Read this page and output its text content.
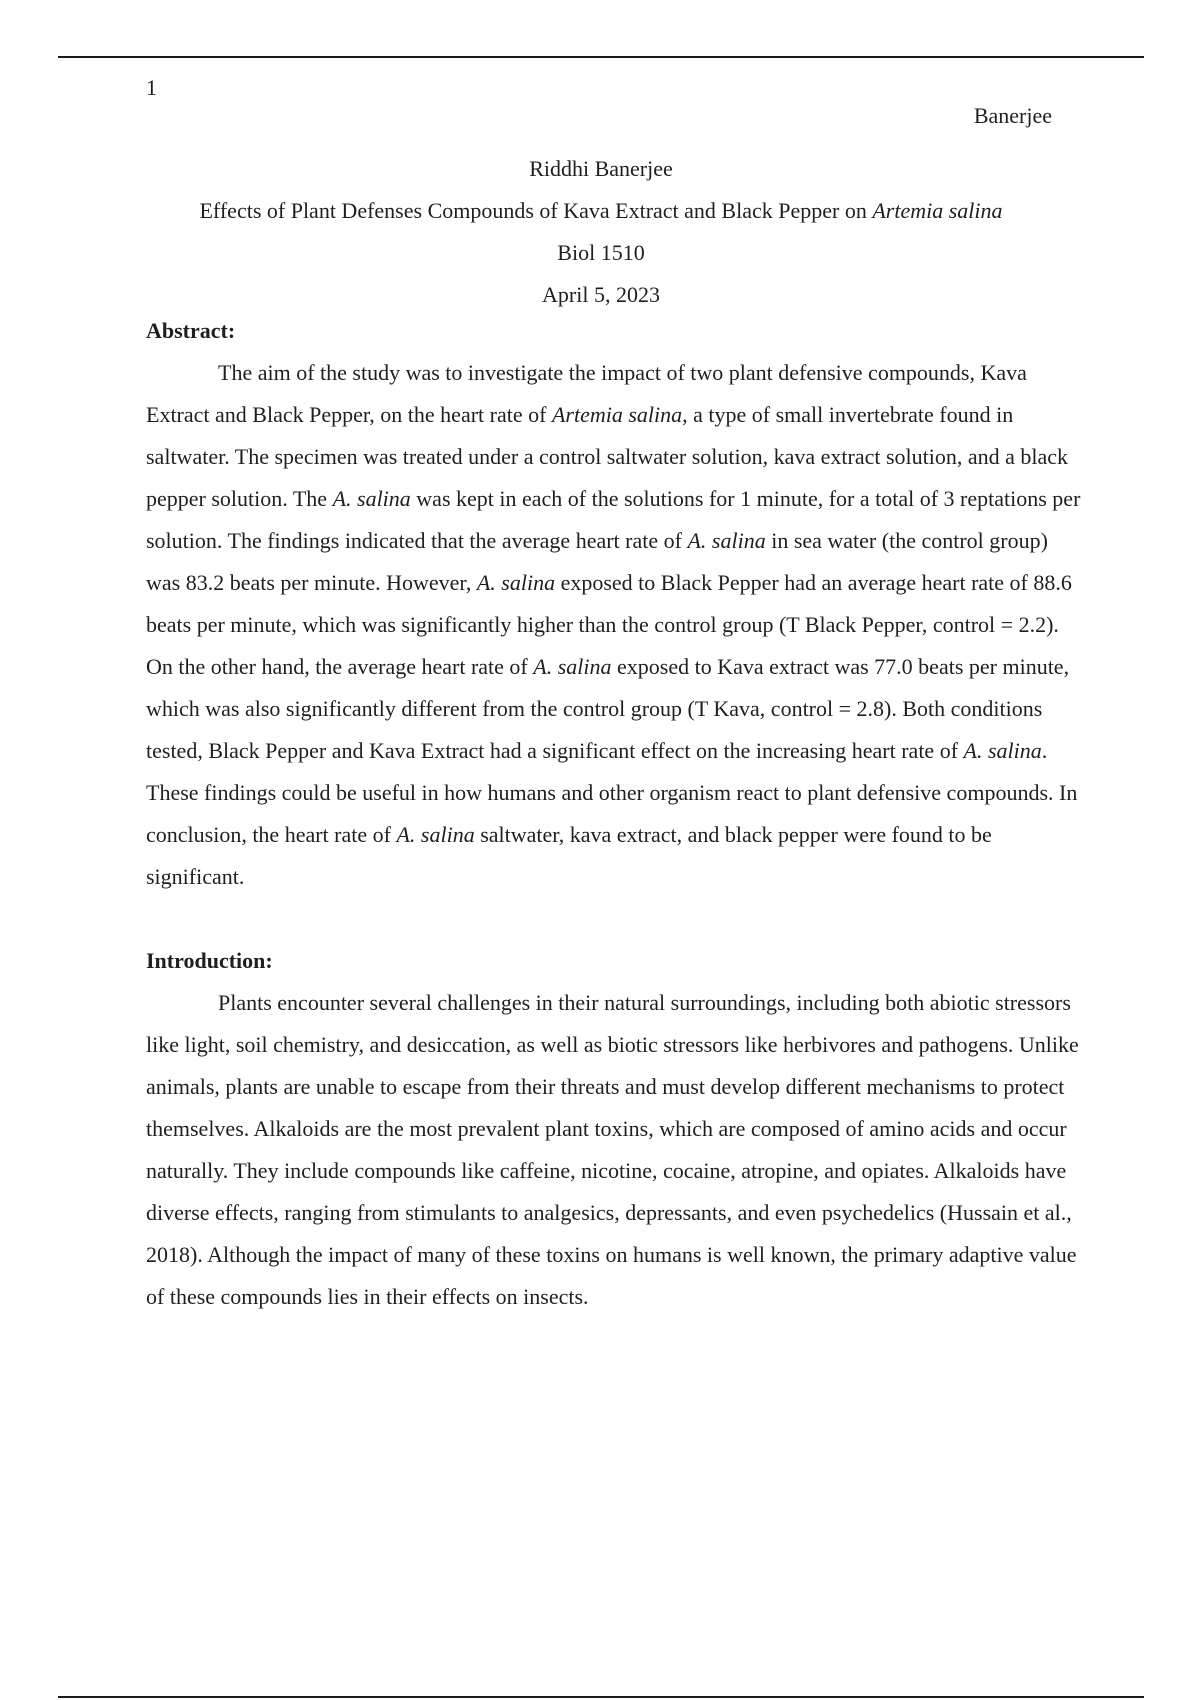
1
Banerjee
Riddhi Banerjee
Effects of Plant Defenses Compounds of Kava Extract and Black Pepper on Artemia salina
Biol 1510
April 5, 2023

Abstract:

The aim of the study was to investigate the impact of two plant defensive compounds, Kava Extract and Black Pepper, on the heart rate of Artemia salina, a type of small invertebrate found in saltwater. The specimen was treated under a control saltwater solution, kava extract solution, and a black pepper solution. The A. salina was kept in each of the solutions for 1 minute, for a total of 3 reptations per solution. The findings indicated that the average heart rate of A. salina in sea water (the control group) was 83.2 beats per minute. However, A. salina exposed to Black Pepper had an average heart rate of 88.6 beats per minute, which was significantly higher than the control group (T Black Pepper, control = 2.2). On the other hand, the average heart rate of A. salina exposed to Kava extract was 77.0 beats per minute, which was also significantly different from the control group (T Kava, control = 2.8). Both conditions tested, Black Pepper and Kava Extract had a significant effect on the increasing heart rate of A. salina. These findings could be useful in how humans and other organism react to plant defensive compounds. In conclusion, the heart rate of A. salina saltwater, kava extract, and black pepper were found to be significant.

Introduction:

Plants encounter several challenges in their natural surroundings, including both abiotic stressors like light, soil chemistry, and desiccation, as well as biotic stressors like herbivores and pathogens. Unlike animals, plants are unable to escape from their threats and must develop different mechanisms to protect themselves. Alkaloids are the most prevalent plant toxins, which are composed of amino acids and occur naturally. They include compounds like caffeine, nicotine, cocaine, atropine, and opiates. Alkaloids have diverse effects, ranging from stimulants to analgesics, depressants, and even psychedelics (Hussain et al., 2018). Although the impact of many of these toxins on humans is well known, the primary adaptive value of these compounds lies in their effects on insects.
